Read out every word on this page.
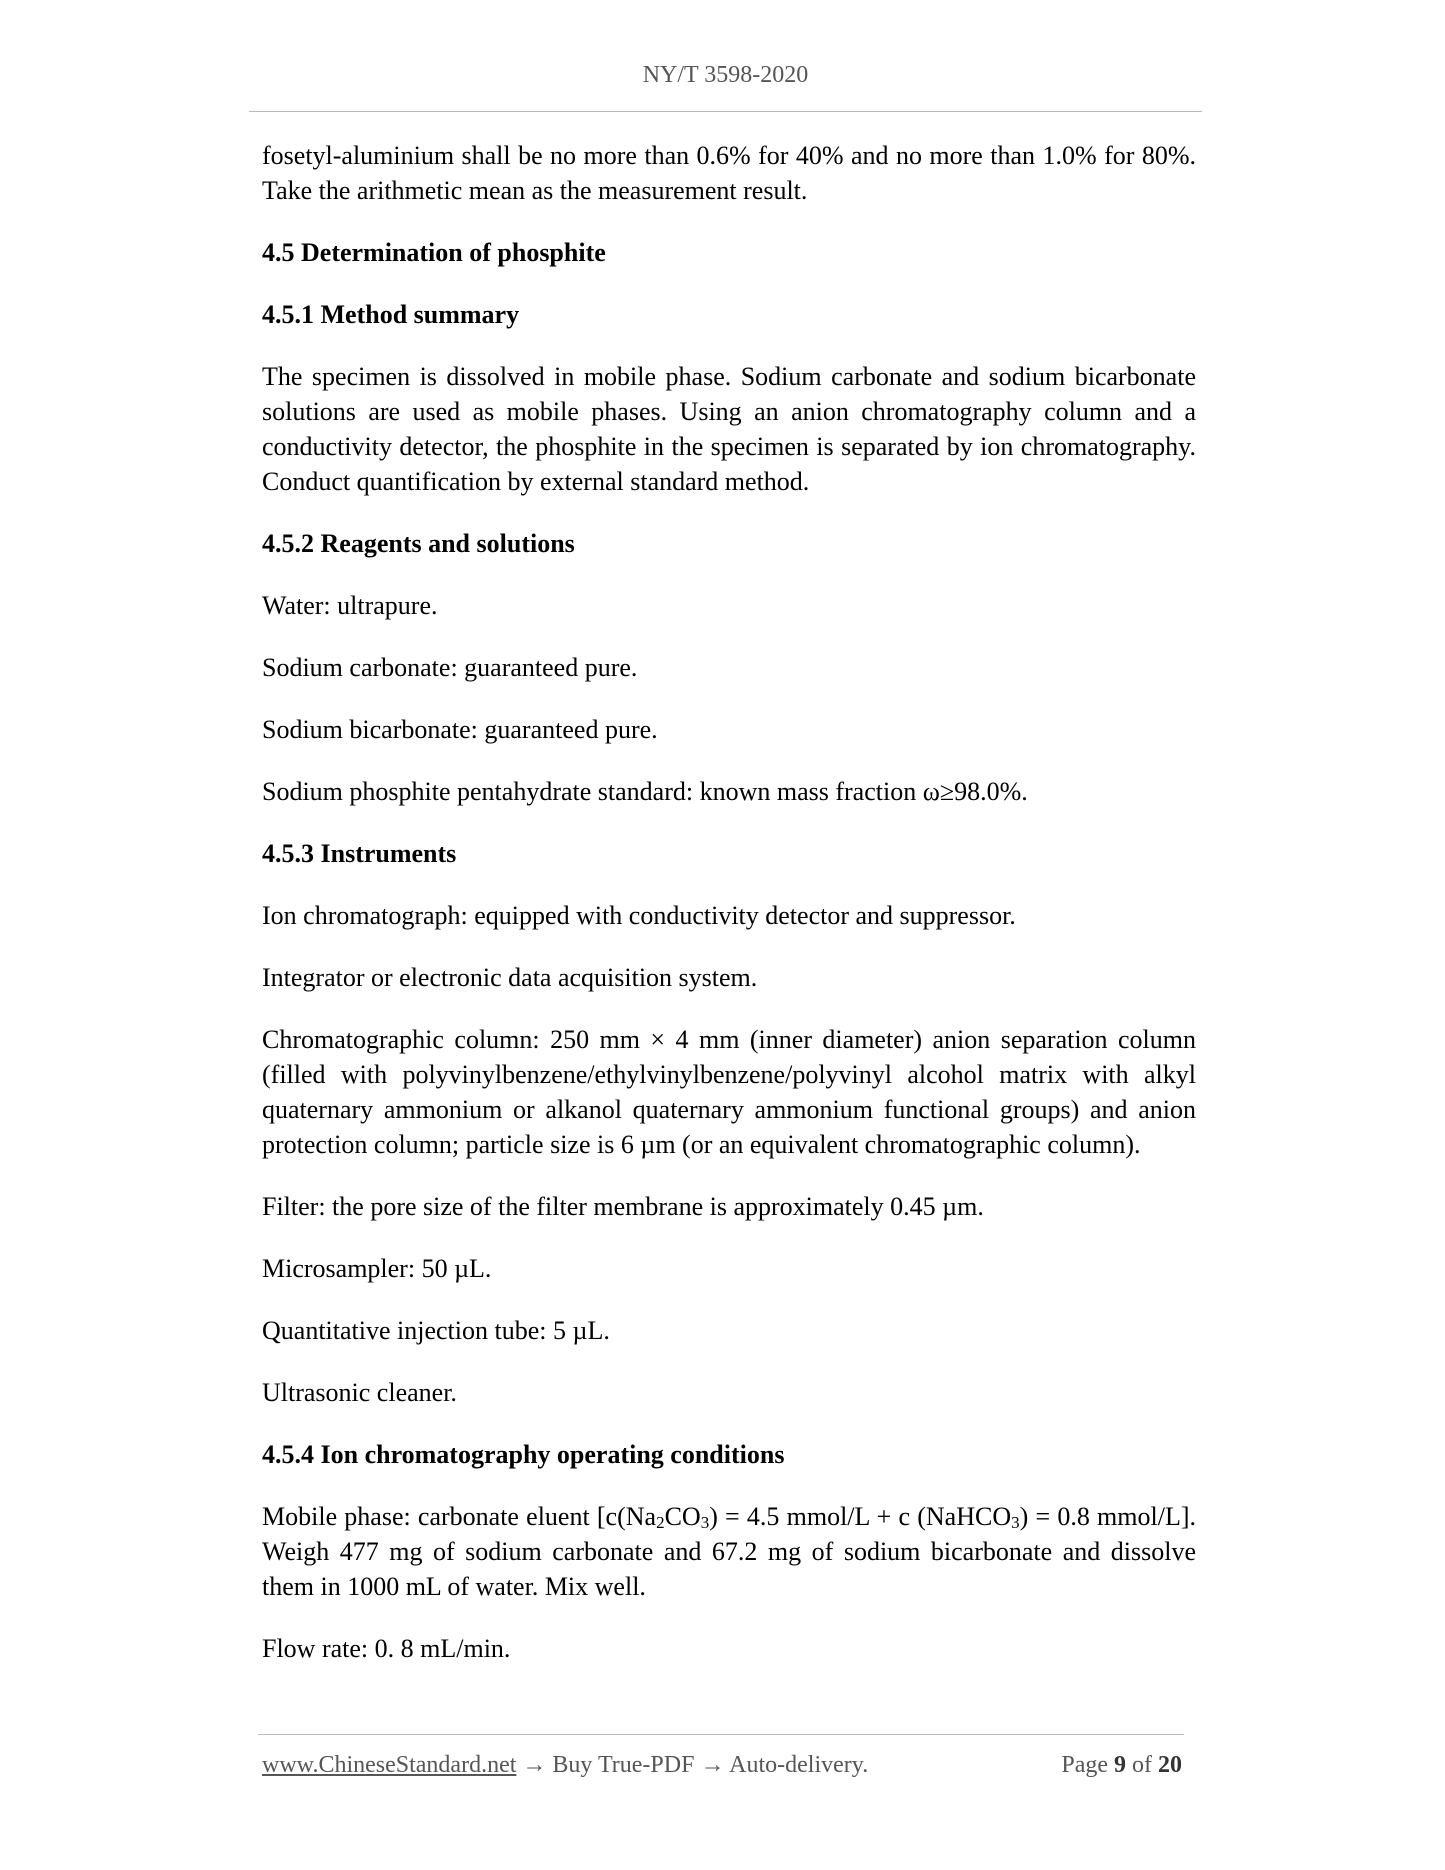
NY/T 3598-2020

fosetyl-aluminium shall be no more than 0.6% for 40% and no more than 1.0% for 80%. Take the arithmetic mean as the measurement result.

4.5 Determination of phosphite
4.5.1 Method summary

The specimen is dissolved in mobile phase. Sodium carbonate and sodium bicarbonate solutions are used as mobile phases. Using an anion chromatography column and a conductivity detector, the phosphite in the specimen is separated by ion chromatography. Conduct quantification by external standard method.

4.5.2 Reagents and solutions

Water: ultrapure.

Sodium carbonate: guaranteed pure.

Sodium bicarbonate: guaranteed pure.

Sodium phosphite pentahydrate standard: known mass fraction ω≥98.0%.

4.5.3 Instruments

Ion chromatograph: equipped with conductivity detector and suppressor.

Integrator or electronic data acquisition system.

Chromatographic column: 250 mm × 4 mm (inner diameter) anion separation column (filled with polyvinylbenzene/ethylvinylbenzene/polyvinyl alcohol matrix with alkyl quaternary ammonium or alkanol quaternary ammonium functional groups) and anion protection column; particle size is 6 µm (or an equivalent chromatographic column).

Filter: the pore size of the filter membrane is approximately 0.45 µm.

Microsampler: 50 µL.

Quantitative injection tube: 5 µL.

Ultrasonic cleaner.

4.5.4 Ion chromatography operating conditions

Mobile phase: carbonate eluent [$c(Na_2CO_3) = 4.5$ mmol/L + c (NaHCO$_3$) = 0.8 mmol/L]. Weigh 477 mg of sodium carbonate and 67.2 mg of sodium bicarbonate and dissolve them in 1000 mL of water. Mix well.

Flow rate: 0. 8 mL/min.

www.ChineseStandard.net → Buy True-PDF → Auto-delivery.	Page 9 of 20
